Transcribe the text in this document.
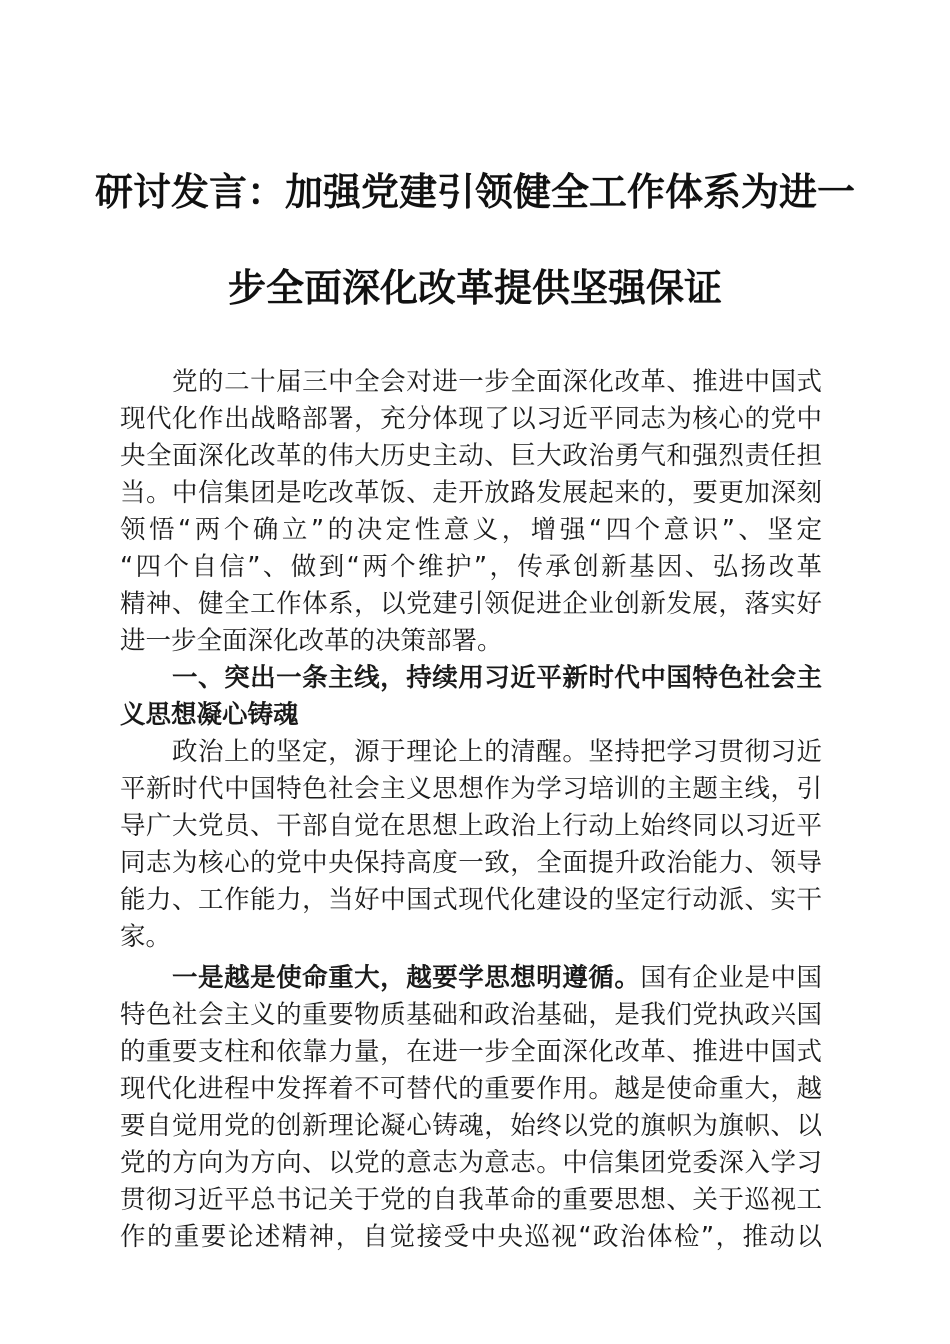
研讨发言：加强党建引领健全工作体系为进一
步全面深化改革提供坚强保证
　　党的二十届三中全会对进一步全面深化改革、推进中国式
现代化作出战略部署，充分体现了以习近平同志为核心的党中
央全面深化改革的伟大历史主动、巨大政治勇气和强烈责任担
当。中信集团是吃改革饭、走开放路发展起来的，要更加深刻
领悟“两个确立”的决定性意义，增强“四个意识”、坚定
“四个自信”、做到“两个维护”，传承创新基因、弘扬改革
精神、健全工作体系，以党建引领促进企业创新发展，落实好
进一步全面深化改革的决策部署。
　　一、突出一条主线，持续用习近平新时代中国特色社会主
义思想凝心铸魂
　　政治上的坚定，源于理论上的清醒。坚持把学习贯彻习近
平新时代中国特色社会主义思想作为学习培训的主题主线，引
导广大党员、干部自觉在思想上政治上行动上始终同以习近平
同志为核心的党中央保持高度一致，全面提升政治能力、领导
能力、工作能力，当好中国式现代化建设的坚定行动派、实干
家。
　　一是越是使命重大，越要学思想明遵循。国有企业是中国
特色社会主义的重要物质基础和政治基础，是我们党执政兴国
的重要支柱和依靠力量，在进一步全面深化改革、推进中国式
现代化进程中发挥着不可替代的重要作用。越是使命重大，越
要自觉用党的创新理论凝心铸魂，始终以党的旗帜为旗帜、以
党的方向为方向、以党的意志为意志。中信集团党委深入学习
贯彻习近平总书记关于党的自我革命的重要思想、关于巡视工
作的重要论述精神，自觉接受中央巡视“政治体检”，推动以
